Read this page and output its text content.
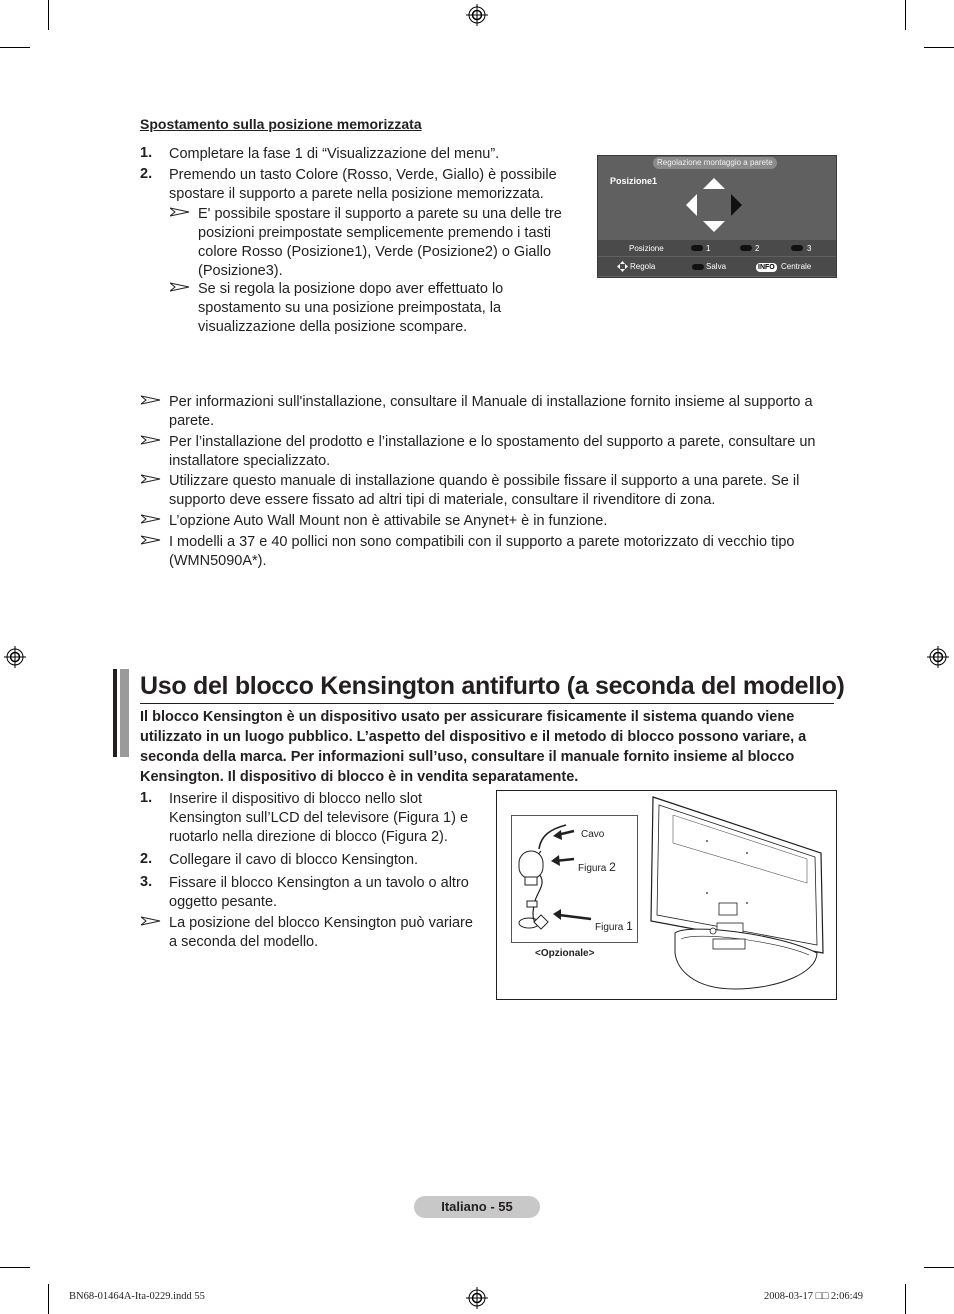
Spostamento sulla posizione memorizzata
1. Completare la fase 1 di “Visualizzazione del menu”.
2. Premendo un tasto Colore (Rosso, Verde, Giallo) è possibile
spostare il supporto a parete nella posizione memorizzata.
E' possibile spostare il supporto a parete su una delle tre
posizioni preimpostate semplicemente premendo i tasti
colore Rosso (Posizione1), Verde (Posizione2) o Giallo
(Posizione3).
Se si regola la posizione dopo aver effettuato lo
spostamento su una posizione preimpostata, la
visualizzazione della posizione scompare.
Regolazione montaggio a parete
Posizione1
Posizione	1	2	3
Regola	Salva	INFO Centrale
Per informazioni sull'installazione, consultare il Manuale di installazione fornito insieme al supporto a
parete.
Per l’installazione del prodotto e l’installazione e lo spostamento del supporto a parete, consultare un
installatore specializzato.
Utilizzare questo manuale di installazione quando è possibile fissare il supporto a una parete. Se il
supporto deve essere fissato ad altri tipi di materiale, consultare il rivenditore di zona.
L’opzione Auto Wall Mount non è attivabile se Anynet+ è in funzione.
I modelli a 37 e 40 pollici non sono compatibili con il supporto a parete motorizzato di vecchio tipo
(WMN5090A*).
Uso del blocco Kensington antifurto (a seconda del modello)
Il blocco Kensington è un dispositivo usato per assicurare fisicamente il sistema quando viene
utilizzato in un luogo pubblico. L’aspetto del dispositivo e il metodo di blocco possono variare, a
seconda della marca. Per informazioni sull’uso, consultare il manuale fornito insieme al blocco
Kensington. Il dispositivo di blocco è in vendita separatamente.
1. Inserire il dispositivo di blocco nello slot
Kensington sull’LCD del televisore (Figura 1) e
ruotarlo nella direzione di blocco (Figura 2).
2. Collegare il cavo di blocco Kensington.
3. Fissare il blocco Kensington a un tavolo o altro
oggetto pesante.
La posizione del blocco Kensington può variare
a seconda del modello.
Cavo
Figura 2
Figura 1
<Opzionale>
Italiano - 55
BN68-01464A-Ita-0229.indd 55	2008-03-17 □□ 2:06:49
